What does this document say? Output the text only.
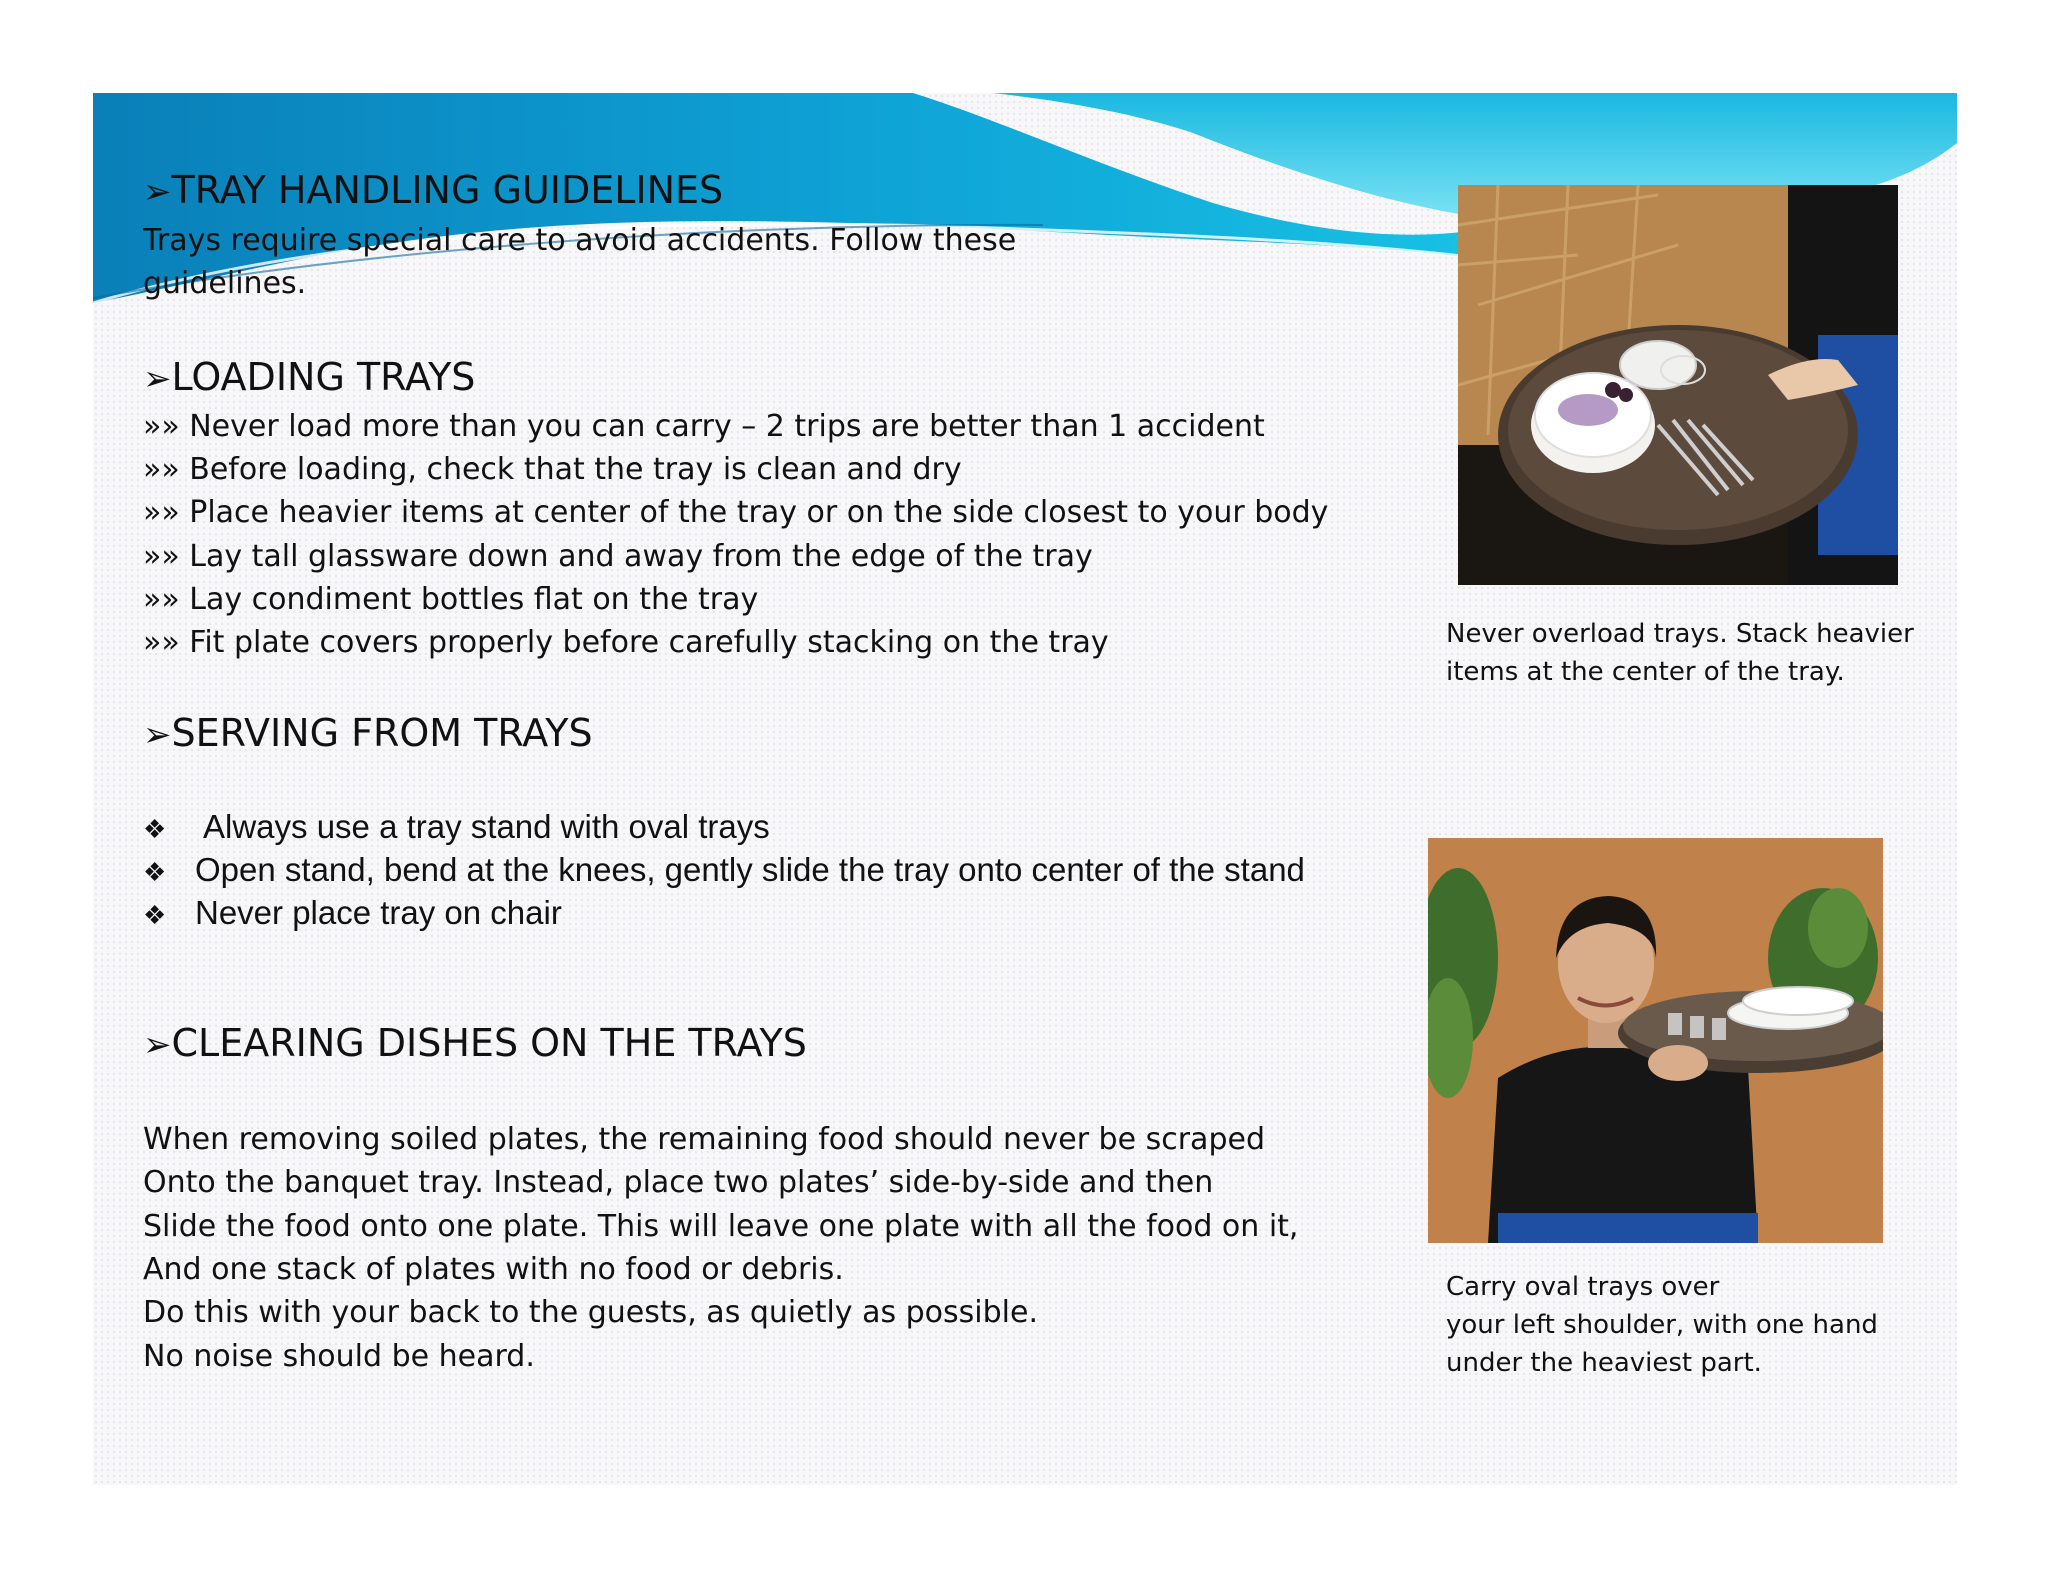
➢TRAY HANDLING GUIDELINES
Trays require special care to avoid accidents. Follow these
guidelines.
➢LOADING TRAYS
»» Never load more than you can carry – 2 trips are better than 1 accident
»» Before loading, check that the tray is clean and dry
»» Place heavier items at center of the tray or on the side closest to your body
»» Lay tall glassware down and away from the edge of the tray
»» Lay condiment bottles flat on the tray
»» Fit plate covers properly before carefully stacking on the tray
➢SERVING FROM TRAYS
❖ Always use a tray stand with oval trays
❖ Open stand, bend at the knees, gently slide the tray onto center of the stand
❖ Never place tray on chair
➢CLEARING DISHES ON THE TRAYS
When removing soiled plates, the remaining food should never be scraped
Onto the banquet tray. Instead, place two plates’ side-by-side and then
Slide the food onto one plate. This will leave one plate with all the food on it,
And one stack of plates with no food or debris.
Do this with your back to the guests, as quietly as possible.
No noise should be heard.
Never overload trays. Stack heavier
items at the center of the tray.
Carry oval trays over
your left shoulder, with one hand
under the heaviest part.
